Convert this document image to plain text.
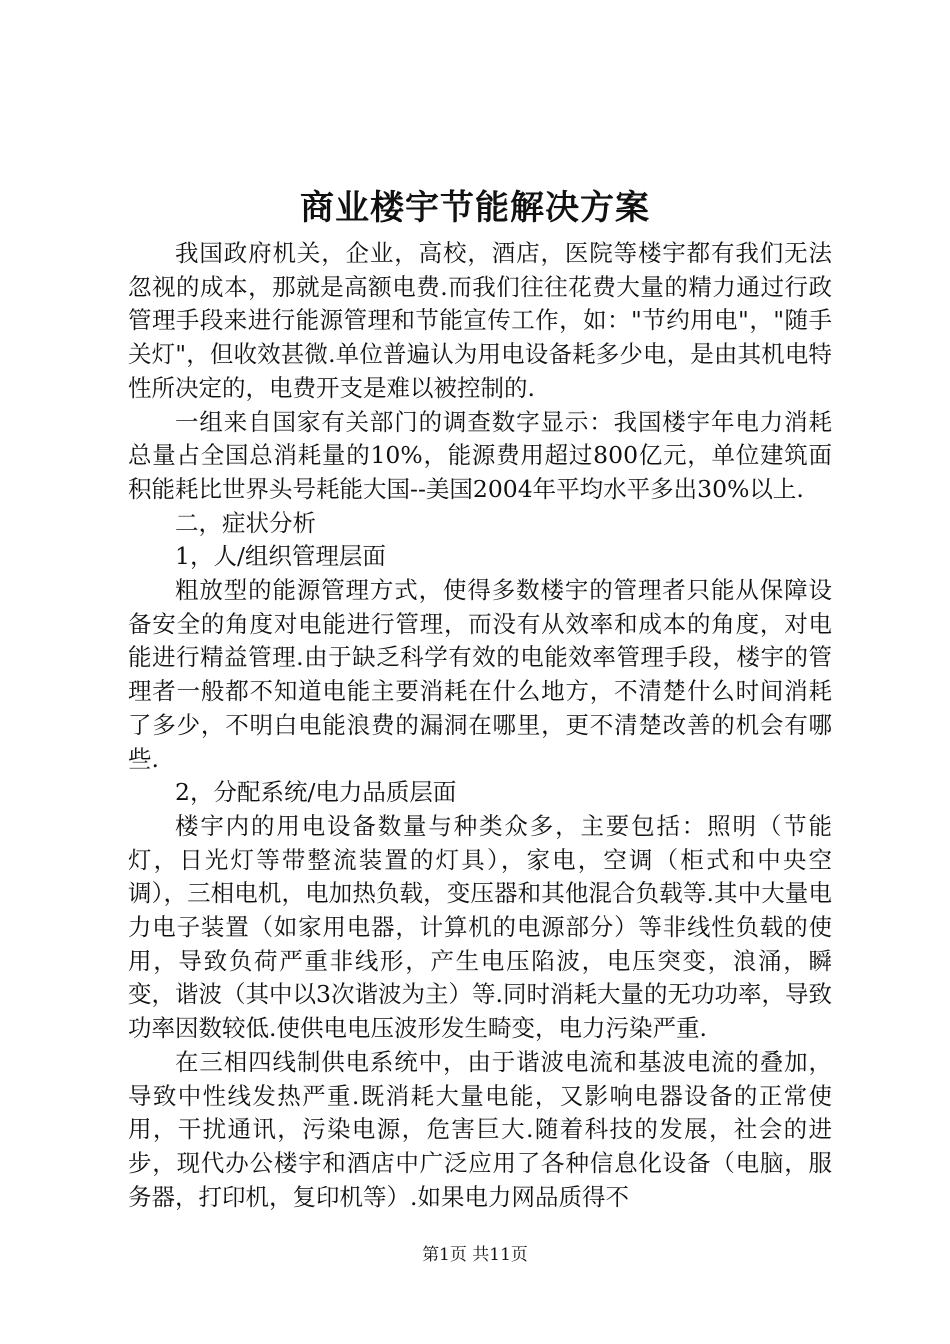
商业楼宇节能解决方案

我国政府机关，企业，高校，酒店，医院等楼宇都有我们无法忽视的成本，那就是高额电费.而我们往往花费大量的精力通过行政管理手段来进行能源管理和节能宣传工作，如："节约用电"，"随手关灯"，但收效甚微.单位普遍认为用电设备耗多少电，是由其机电特性所决定的，电费开支是难以被控制的.

一组来自国家有关部门的调查数字显示：我国楼宇年电力消耗总量占全国总消耗量的10%，能源费用超过800亿元，单位建筑面积能耗比世界头号耗能大国--美国2004年平均水平多出30%以上.

二，症状分析

1，人/组织管理层面

粗放型的能源管理方式，使得多数楼宇的管理者只能从保障设备安全的角度对电能进行管理，而没有从效率和成本的角度，对电能进行精益管理.由于缺乏科学有效的电能效率管理手段，楼宇的管理者一般都不知道电能主要消耗在什么地方，不清楚什么时间消耗了多少，不明白电能浪费的漏洞在哪里，更不清楚改善的机会有哪些.

2，分配系统/电力品质层面

楼宇内的用电设备数量与种类众多，主要包括：照明（节能灯，日光灯等带整流装置的灯具），家电，空调（柜式和中央空调），三相电机，电加热负载，变压器和其他混合负载等.其中大量电力电子装置（如家用电器，计算机的电源部分）等非线性负载的使用，导致负荷严重非线形，产生电压陷波，电压突变，浪涌，瞬变，谐波（其中以3次谐波为主）等.同时消耗大量的无功功率，导致功率因数较低.使供电电压波形发生畸变，电力污染严重.

在三相四线制供电系统中，由于谐波电流和基波电流的叠加，导致中性线发热严重.既消耗大量电能，又影响电器设备的正常使用，干扰通讯，污染电源，危害巨大.随着科技的发展，社会的进步，现代办公楼宇和酒店中广泛应用了各种信息化设备（电脑，服务器，打印机，复印机等）.如果电力网品质得不

第1页 共11页
